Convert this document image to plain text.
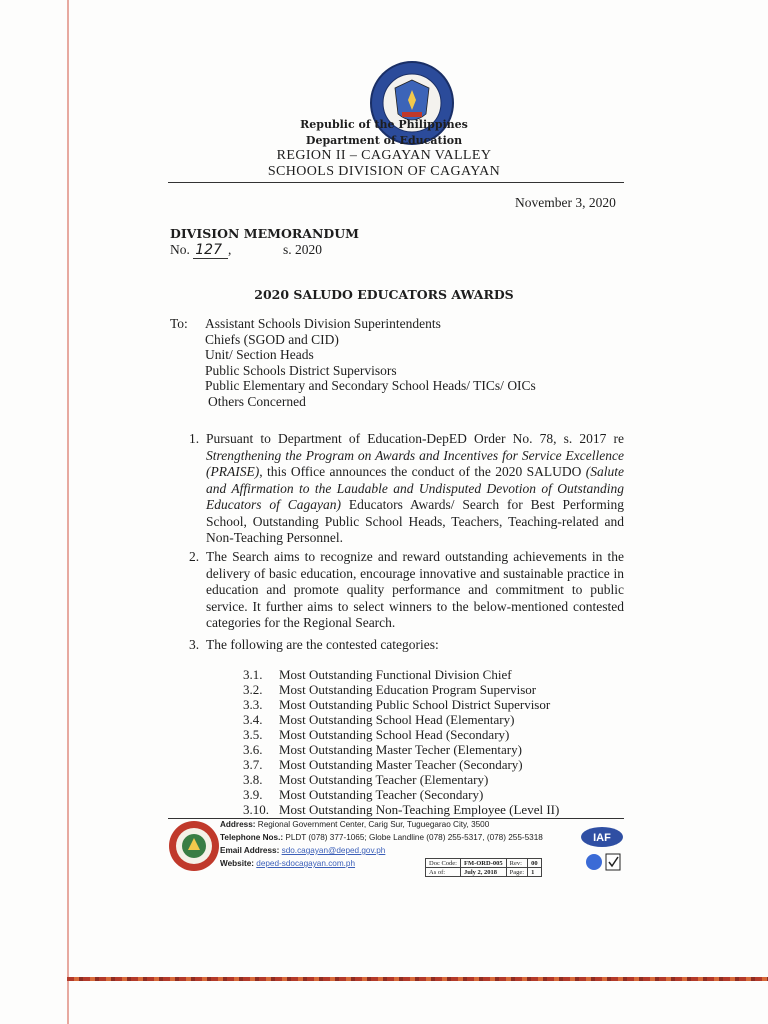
Republic of the Philippines
Department of Education
REGION II – CAGAYAN VALLEY
SCHOOLS DIVISION OF CAGAYAN
November 3, 2020
DIVISION MEMORANDUM
No. 127 ,	s. 2020
2020 SALUDO EDUCATORS AWARDS
To: Assistant Schools Division Superintendents
Chiefs (SGOD and CID)
Unit/ Section Heads
Public Schools District Supervisors
Public Elementary and Secondary School Heads/ TICs/ OICs
Others Concerned
1. Pursuant to Department of Education-DepED Order No. 78, s. 2017 re Strengthening the Program on Awards and Incentives for Service Excellence (PRAISE), this Office announces the conduct of the 2020 SALUDO (Salute and Affirmation to the Laudable and Undisputed Devotion of Outstanding Educators of Cagayan) Educators Awards/ Search for Best Performing School, Outstanding Public School Heads, Teachers, Teaching-related and Non-Teaching Personnel.
2. The Search aims to recognize and reward outstanding achievements in the delivery of basic education, encourage innovative and sustainable practice in education and promote quality performance and commitment to public service. It further aims to select winners to the below-mentioned contested categories for the Regional Search.
3. The following are the contested categories:
3.1. Most Outstanding Functional Division Chief
3.2. Most Outstanding Education Program Supervisor
3.3. Most Outstanding Public School District Supervisor
3.4. Most Outstanding School Head (Elementary)
3.5. Most Outstanding School Head (Secondary)
3.6. Most Outstanding Master Techer (Elementary)
3.7. Most Outstanding Master Teacher (Secondary)
3.8. Most Outstanding Teacher (Elementary)
3.9. Most Outstanding Teacher (Secondary)
3.10. Most Outstanding Non-Teaching Employee (Level II)
Address: Regional Government Center, Carig Sur, Tuguegarao City, 3500
Telephone Nos.: PLDT (078) 377-1065; Globe Landline (078) 255-5317, (078) 255-5318
Email Address: sdo.cagayan@deped.gov.ph
Website: deped-sdocagayan.com.ph	Doc Code:	FM-ORD-005	Rev:	00
As of:	July 2, 2018	Page:	1
IAF
